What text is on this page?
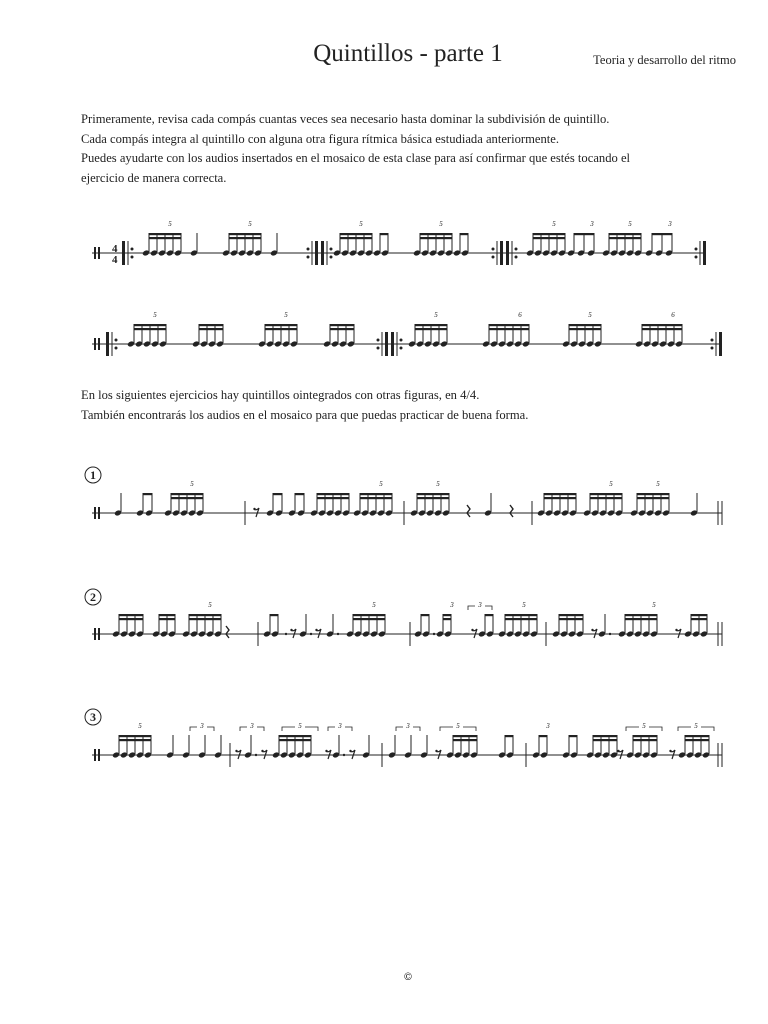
Quintillos - parte 1	Teoria y desarrollo del ritmo
Primeramente, revisa cada compás cuantas veces sea necesario hasta dominar la subdivisión de quintillo.
Cada compás integra al quintillo con alguna otra figura rítmica básica estudiada anteriormente.
Puedes ayudarte con los audios insertados en el mosaico de esta clase para así confirmar que estés tocando el
ejercicio de manera correcta.
En los siguientes ejercicios hay quintillos ointegrados con otras figuras, en 4/4.
También encontrarás los audios en el mosaico para que puedas practicar de buena forma.
4
4
5	5	5	5	5	3	5	3
5	5	5	6	5	6
1
5	5	5	5	5
2
5	5	3	3	5	5
3
5	3	3	5	3	3	5	3	5	5
©
